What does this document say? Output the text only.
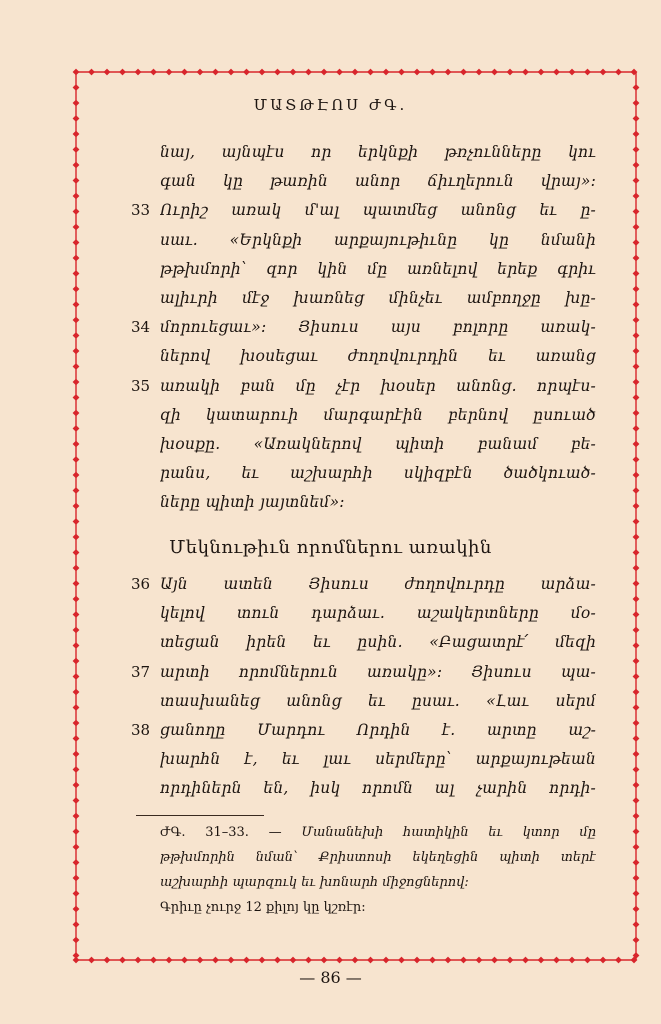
ՄԱՏԹԷՈՍ ԺԳ.
նայ, այնպէս որ երկնքի թռչունները կու
գան կը թառին անոր ճիւղերուն վրայ»:
Ուրիշ առակ մ'ալ պատմեց անոնց եւ ը-
սաւ. «Երկնքի արքայութիւնը կը նմանի
թթխմորի՝ զոր կին մը առնելով երեք գրիւ
ալիւրի մէջ խառնեց մինչեւ ամբողջը խը-
մորուեցաւ»: Յիսուս այս բոլորը առակ-
ներով խօսեցաւ ժողովուրդին եւ առանց
առակի բան մը չէր խօսեր անոնց. որպէս-
զի կատարուի մարգարէին բերնով ըսուած
խօսքը. «Առակներով պիտի բանամ բե-
րանս, եւ աշխարհի սկիզբէն ծածկուած-
ները պիտի յայտնեմ»:
Մեկնութիւն որոմներու առակին
Այն ատեն Յիսուս ժողովուրդը արձա-
կելով տուն դարձաւ. աշակերտները մօ-
տեցան իրեն եւ ըսին. «Բացատրէ՛ մեզի
արտի որոմներուն առակը»: Յիսուս պա-
տասխանեց անոնց եւ ըսաւ. «Լաւ սերմ
ցանողը Մարդու Որդին է. արտը աշ-
խարհն է, եւ լաւ սերմերը՝ արքայութեան
որդիներն են, իսկ որոմն ալ չարին որդի-
ԺԳ. 31–33. — Մանանեխի հատիկին եւ կտոր մը
թթխմորին նման՝ Քրիստոսի եկեղեցին պիտի տերէ
աշխարհի պարզուկ եւ խոնարհ միջոցներով:
Գրիւը չուրջ 12 քիլոյ կը կշռէր:
— 86 —
33
34
35
36
37
38
